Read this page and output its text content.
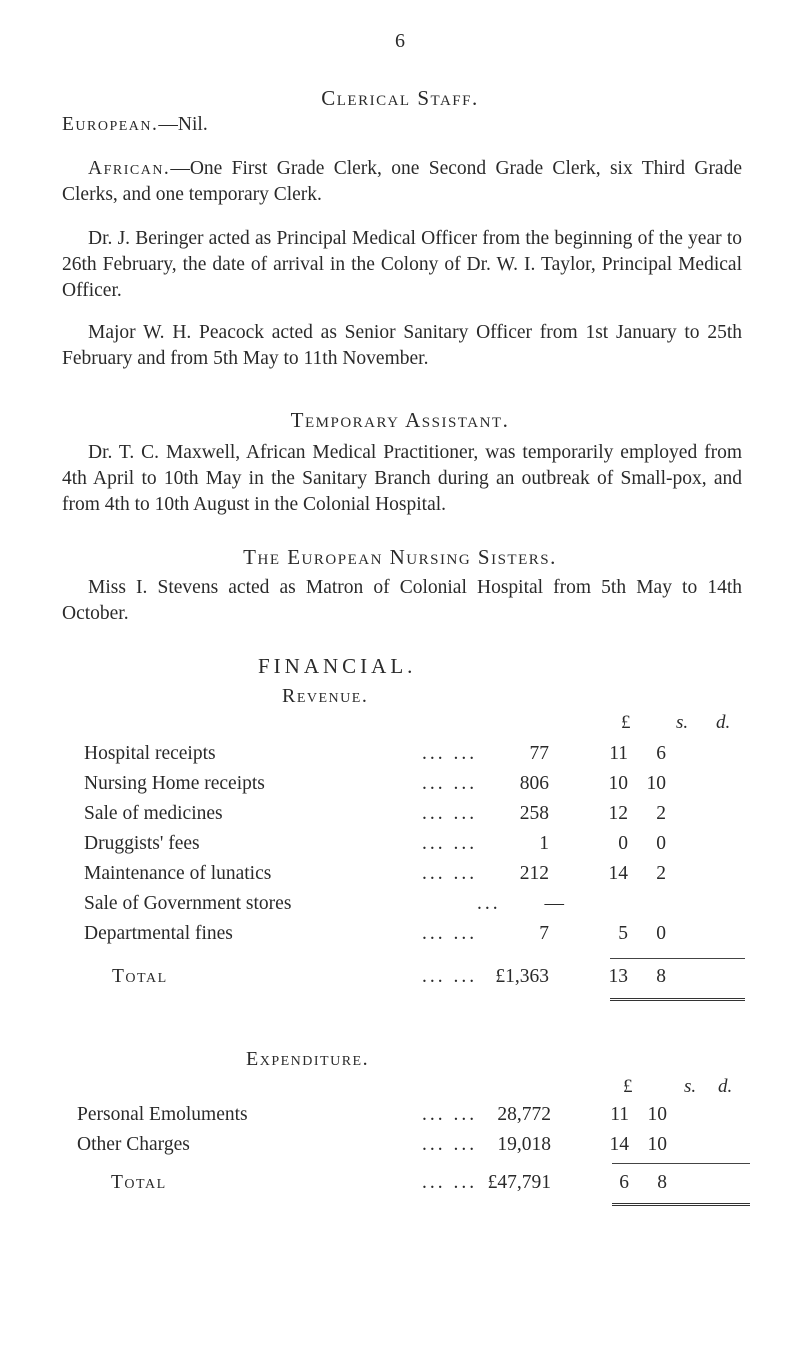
6
Clerical Staff.
European.—Nil.
African.—One First Grade Clerk, one Second Grade Clerk, six Third Grade Clerks, and one temporary Clerk.
Dr. J. Beringer acted as Principal Medical Officer from the beginning of the year to 26th February, the date of arrival in the Colony of Dr. W. I. Taylor, Principal Medical Officer.
Major W. H. Peacock acted as Senior Sanitary Officer from 1st January to 25th February and from 5th May to 11th November.
Temporary Assistant.
Dr. T. C. Maxwell, African Medical Practitioner, was temporarily employed from 4th April to 10th May in the Sanitary Branch during an outbreak of Small-pox, and from 4th to 10th August in the Colonial Hospital.
The European Nursing Sisters.
Miss I. Stevens acted as Matron of Colonial Hospital from 5th May to 14th October.
FINANCIAL.
Revenue.
£ s. d.
Hospital receipts	... ...	77	11	6
Nursing Home receipts	... ... 806	10 10
Sale of medicines	... ... 258	12	2
Druggists' fees	... ...	1	0	0
Maintenance of lunatics	... ... 212	14	2
Sale of Government stores	... —
Departmental fines	... ...	7	5	0
Total	... ... £1,363	13	8
Expenditure.
£	s. d.
Personal Emoluments	... ... 28,772	11 10
Other Charges	... ... 19,018	14 10
Total	... ... £47,791	6	8
